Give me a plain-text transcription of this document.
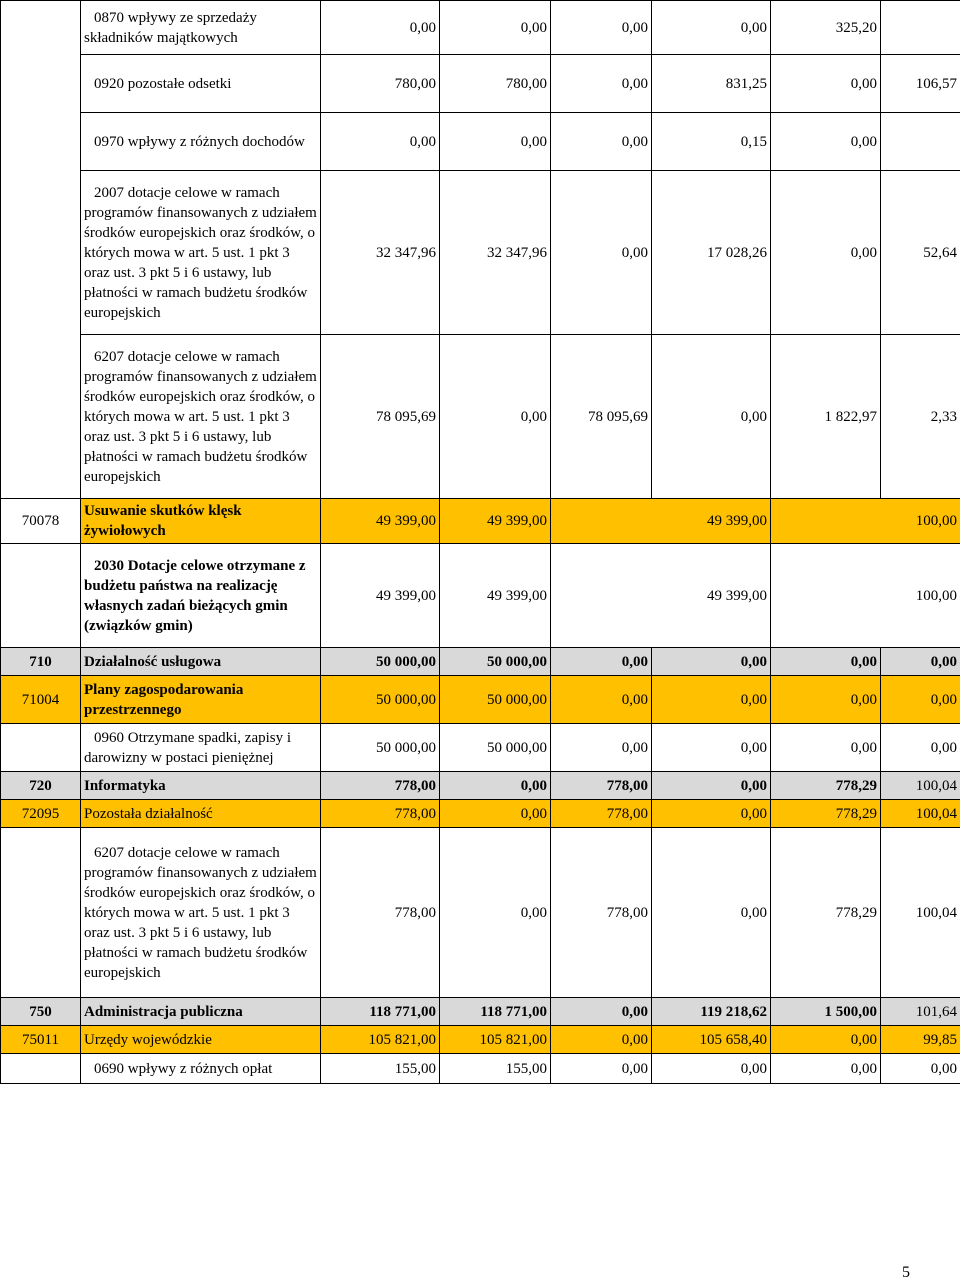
	0870 wpływy ze sprzedaży składników majątkowych	0,00	0,00	0,00	0,00	325,20	
	0920 pozostałe odsetki	780,00	780,00	0,00	831,25	0,00	106,57
	0970 wpływy z różnych dochodów	0,00	0,00	0,00	0,15	0,00	
	2007 dotacje celowe w ramach programów finansowanych z udziałem środków europejskich oraz środków, o których mowa w art. 5 ust. 1 pkt 3 oraz ust. 3 pkt 5 i 6 ustawy, lub płatności w ramach budżetu środków europejskich	32 347,96	32 347,96	0,00	17 028,26	0,00	52,64
	6207 dotacje celowe w ramach programów finansowanych z udziałem środków europejskich oraz środków, o których mowa w art. 5 ust. 1 pkt 3 oraz ust. 3 pkt 5 i 6 ustawy, lub płatności w ramach budżetu środków europejskich	78 095,69	0,00	78 095,69	0,00	1 822,97	2,33
70078	Usuwanie skutków klęsk żywiołowych	49 399,00	49 399,00		49 399,00		100,00
	2030 Dotacje celowe otrzymane z budżetu państwa na realizację własnych zadań bieżących gmin (związków gmin)	49 399,00	49 399,00		49 399,00		100,00
710	Działalność usługowa	50 000,00	50 000,00	0,00	0,00	0,00	0,00
71004	Plany zagospodarowania przestrzennego	50 000,00	50 000,00	0,00	0,00	0,00	0,00
	0960 Otrzymane spadki, zapisy i darowizny w postaci pieniężnej	50 000,00	50 000,00	0,00	0,00	0,00	0,00
720	Informatyka	778,00	0,00	778,00	0,00	778,29	100,04
72095	Pozostała działalność	778,00	0,00	778,00	0,00	778,29	100,04
	6207 dotacje celowe w ramach programów finansowanych z udziałem środków europejskich oraz środków, o których mowa w art. 5 ust. 1 pkt 3 oraz ust. 3 pkt 5 i 6 ustawy, lub płatności w ramach budżetu środków europejskich	778,00	0,00	778,00	0,00	778,29	100,04
750	Administracja publiczna	118 771,00	118 771,00	0,00	119 218,62	1 500,00	101,64
75011	Urzędy wojewódzkie	105 821,00	105 821,00	0,00	105 658,40	0,00	99,85
	0690 wpływy z różnych opłat	155,00	155,00	0,00	0,00	0,00	0,00
5
